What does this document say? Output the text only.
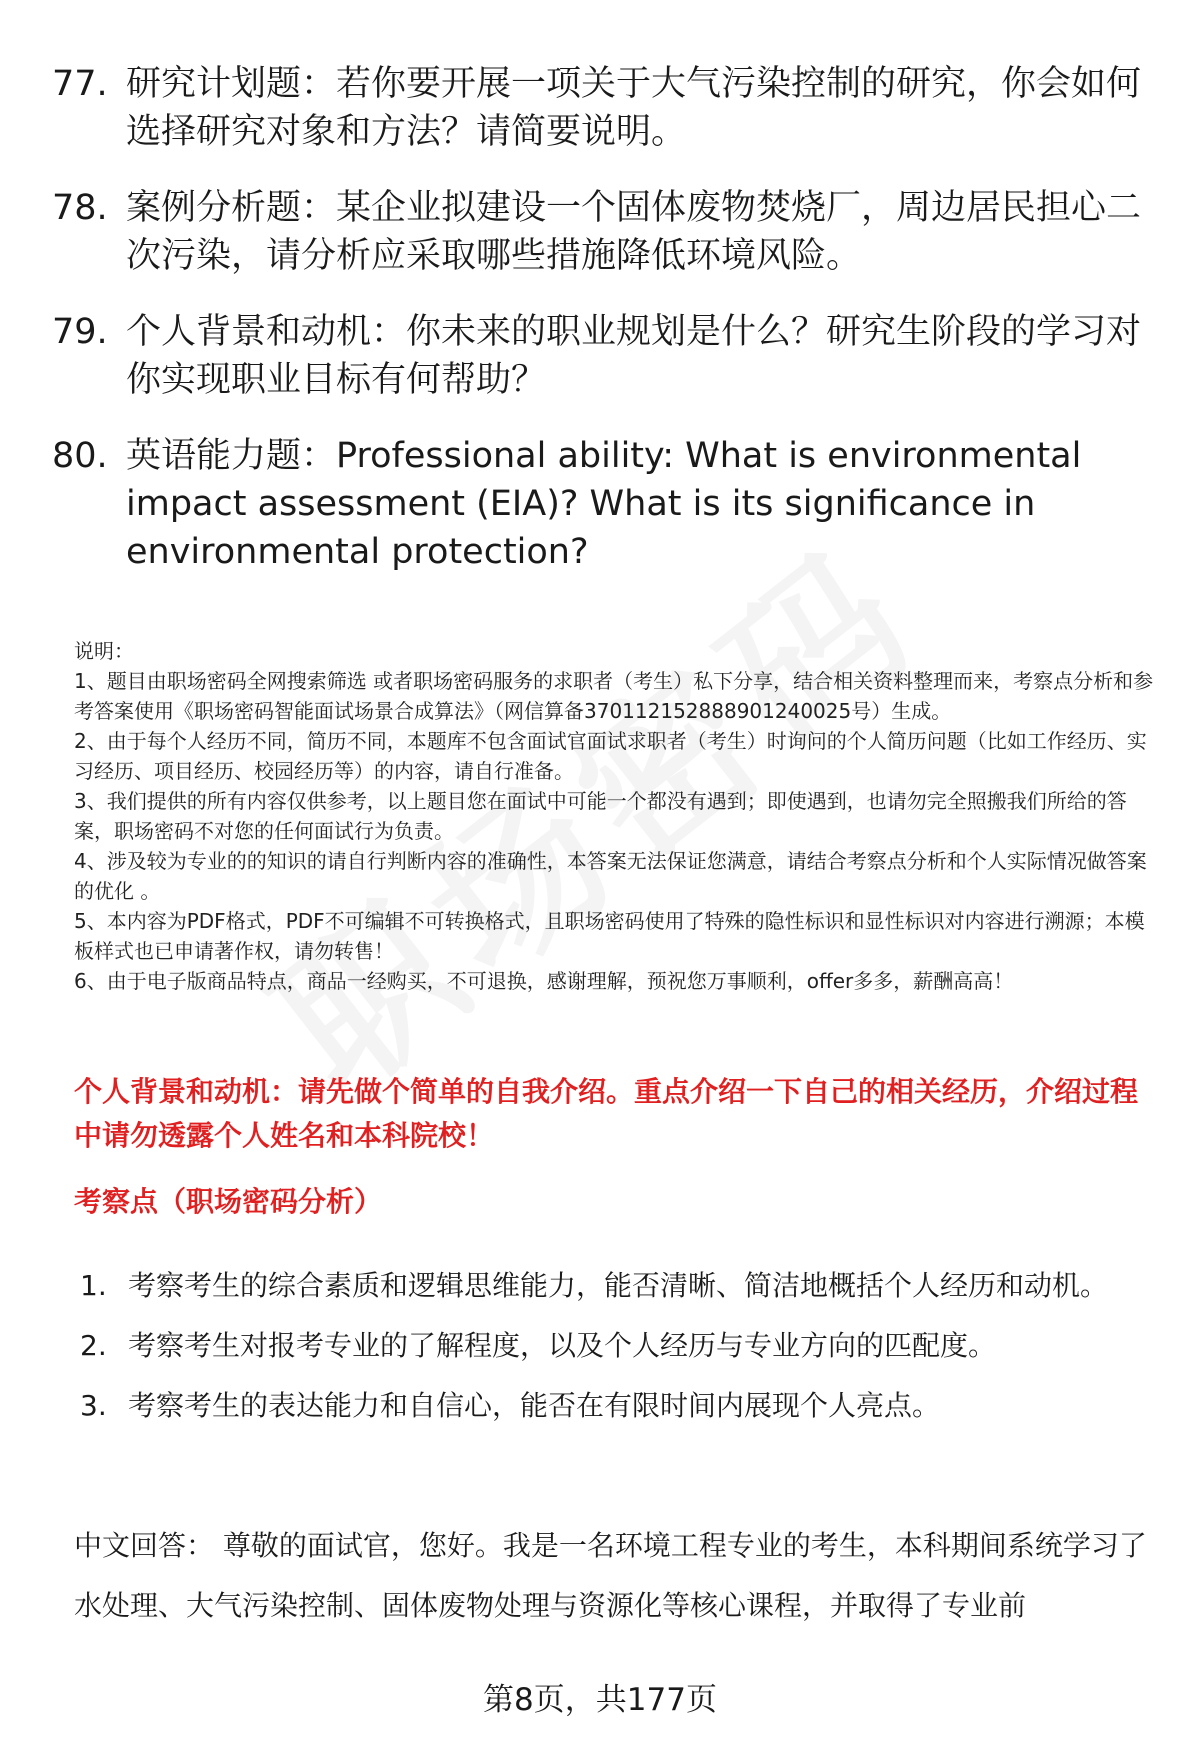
77. 研究计划题：若你要开展一项关于大气污染控制的研究，你会如何选择研究对象和方法？请简要说明。
78. 案例分析题：某企业拟建设一个固体废物焚烧厂，周边居民担心二次污染，请分析应采取哪些措施降低环境风险。
79. 个人背景和动机：你未来的职业规划是什么？研究生阶段的学习对你实现职业目标有何帮助？
80. 英语能力题：Professional ability: What is environmental impact assessment (EIA)? What is its significance in environmental protection?

说明：

1、题目由职场密码全网搜索筛选 或者职场密码服务的求职者（考生）私下分享，结合相关资料整理而来，考察点分析和参考答案使用《职场密码智能面试场景合成算法》（网信算备370112152888901240025号）生成。

2、由于每个人经历不同，简历不同，本题库不包含面试官面试求职者（考生）时询问的个人简历问题（比如工作经历、实习经历、项目经历、校园经历等）的内容，请自行准备。

3、我们提供的所有内容仅供参考，以上题目您在面试中可能一个都没有遇到；即使遇到，也请勿完全照搬我们所给的答案，职场密码不对您的任何面试行为负责。

4、涉及较为专业的的知识的请自行判断内容的准确性，本答案无法保证您满意，请结合考察点分析和个人实际情况做答案的优化 。

5、本内容为PDF格式，PDF不可编辑不可转换格式，且职场密码使用了特殊的隐性标识和显性标识对内容进行溯源；本模板样式也已申请著作权，请勿转售！

6、由于电子版商品特点，商品一经购买，不可退换，感谢理解，预祝您万事顺利，offer多多，薪酬高高！

个人背景和动机：请先做个简单的自我介绍。重点介绍一下自己的相关经历，介绍过程中请勿透露个人姓名和本科院校！
考察点（职场密码分析）
1. 考察考生的综合素质和逻辑思维能力，能否清晰、简洁地概括个人经历和动机。
2. 考察考生对报考专业的了解程度，以及个人经历与专业方向的匹配度。
3. 考察考生的表达能力和自信心，能否在有限时间内展现个人亮点。
中文回答： 尊敬的面试官，您好。我是一名环境工程专业的考生，本科期间系统学习了水处理、大气污染控制、固体废物处理与资源化等核心课程，并取得了专业前
第8页，共177页
